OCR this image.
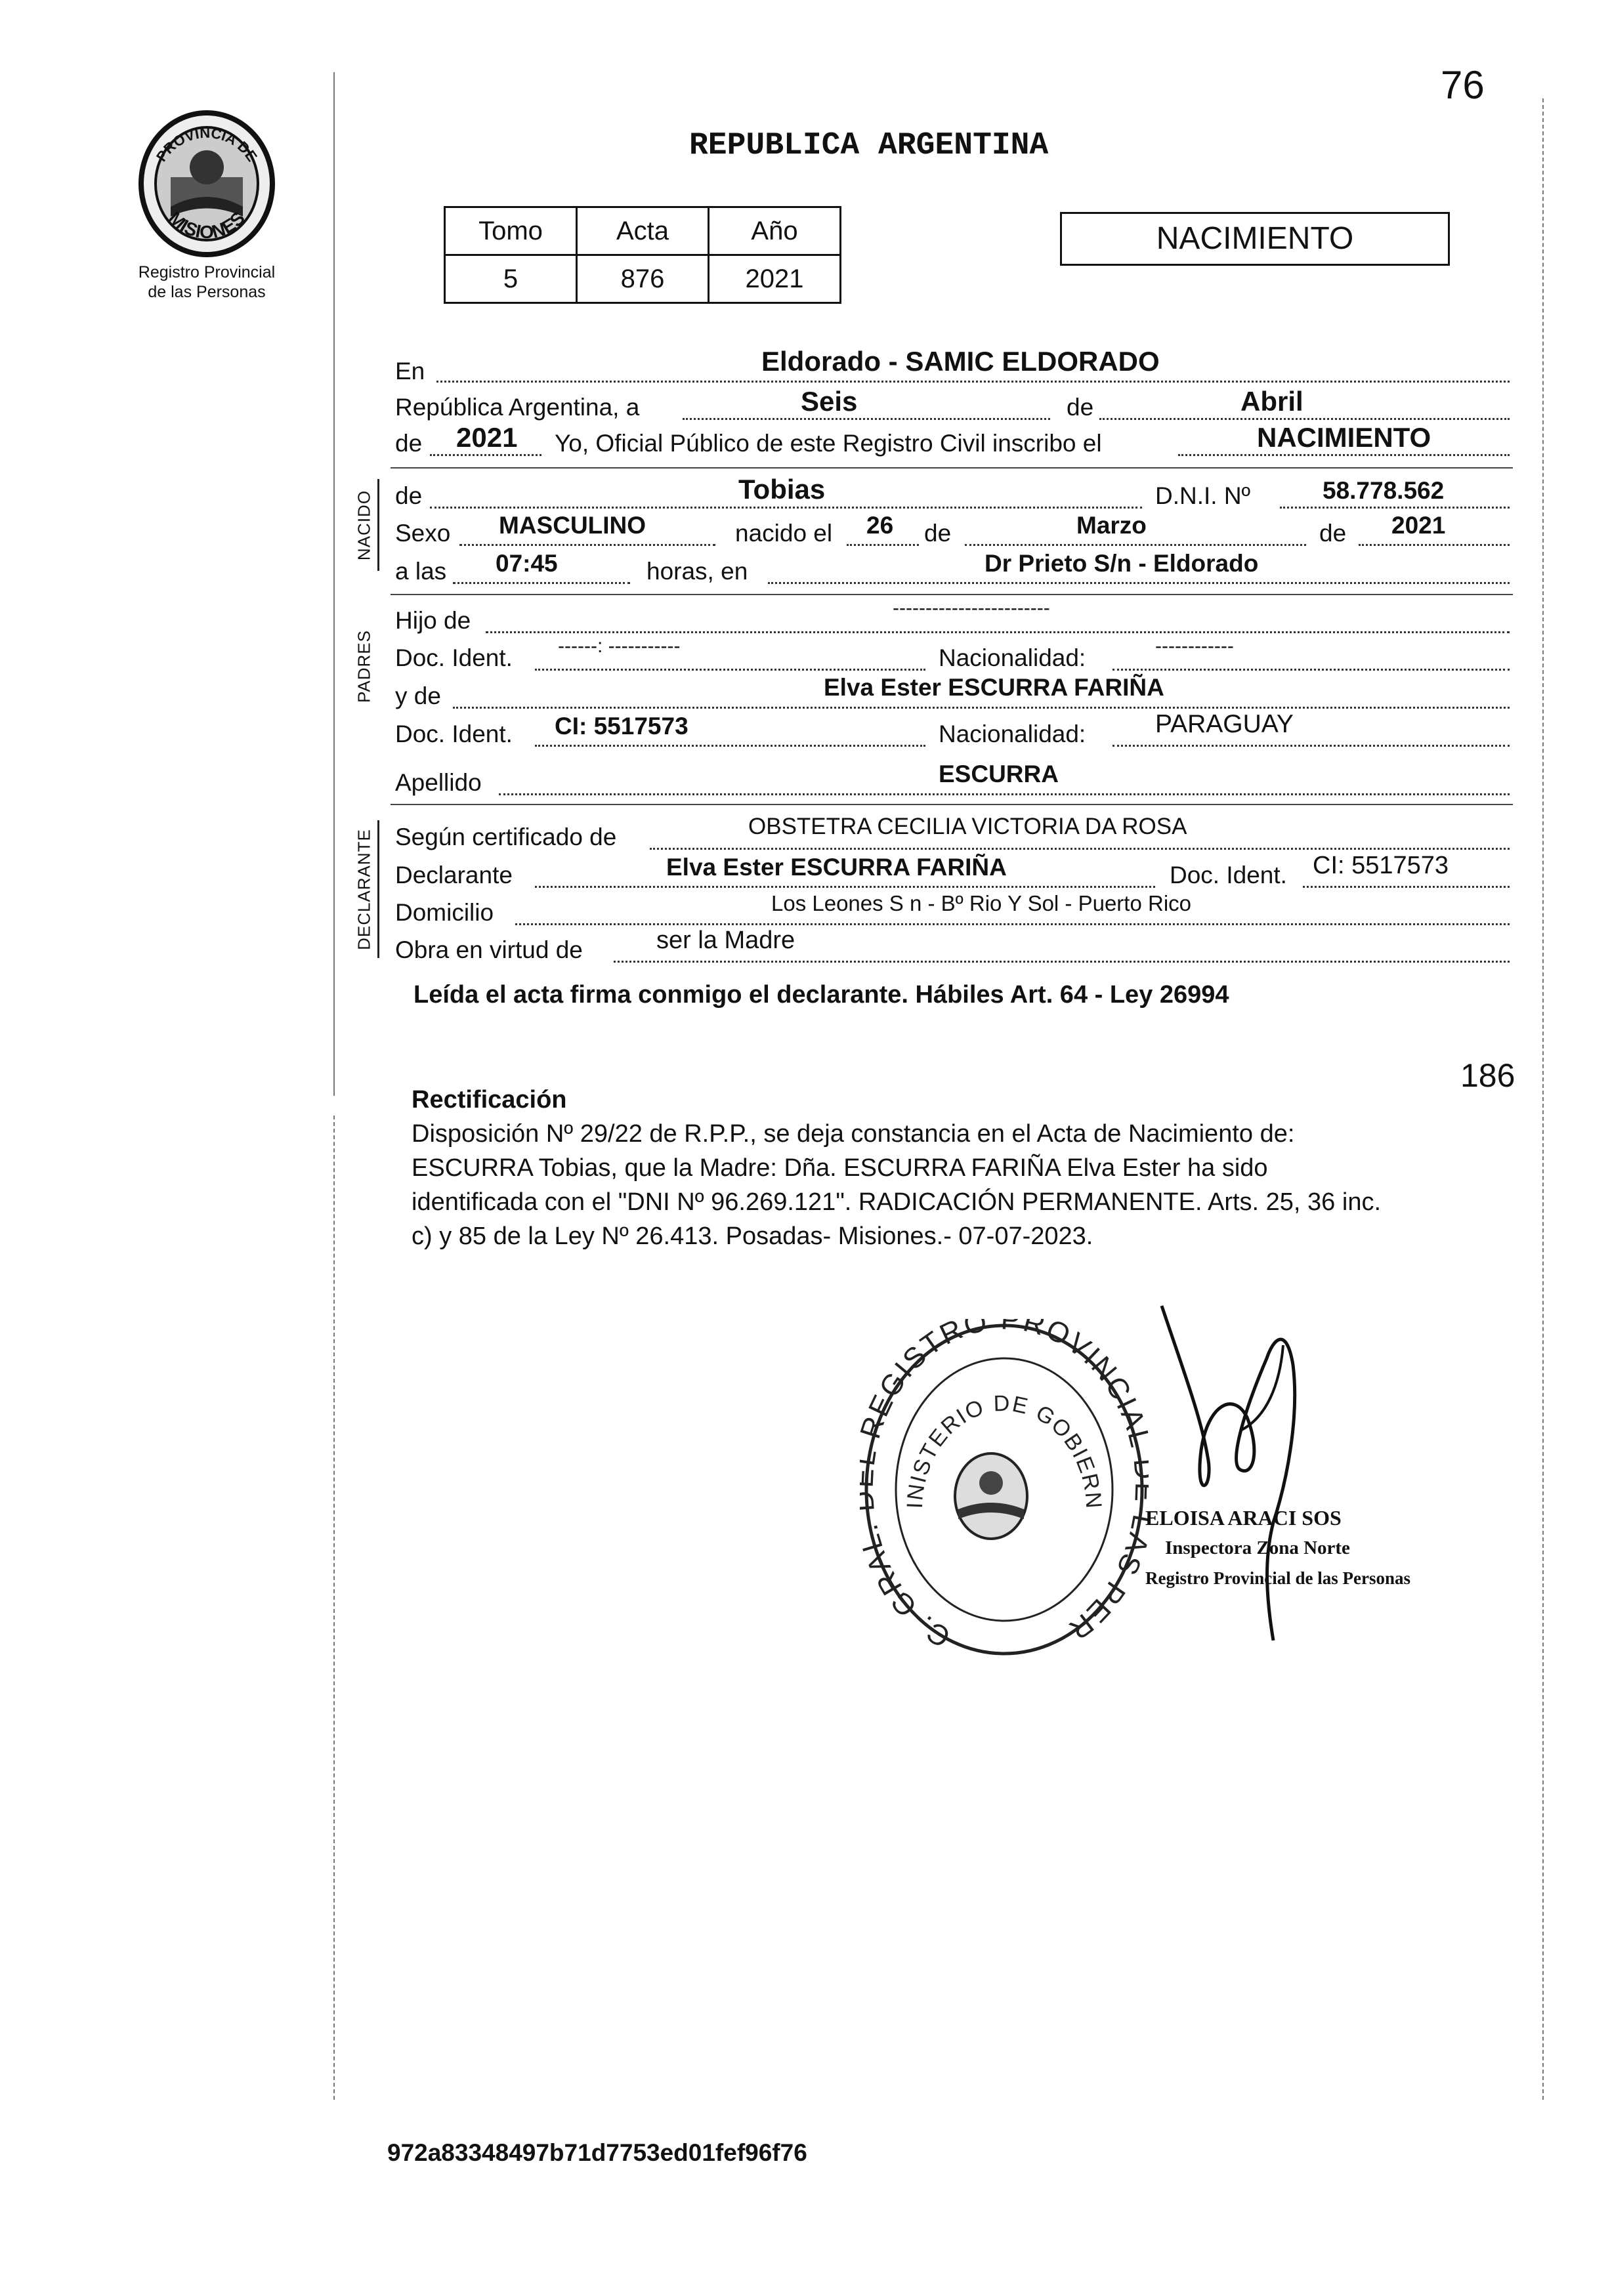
PROVINCIA DE
MISIONES
Registro Provincial
de las Personas
76
REPUBLICA ARGENTINA
Tomo	Acta	Año
5	876	2021
NACIMIENTO
En	Eldorado - SAMIC ELDORADO
República Argentina, a	Seis	de	Abril
de 2021 Yo, Oficial Público de este Registro Civil inscribo el	NACIMIENTO
NACIDO de	Tobias	D.N.I. Nº	58.778.562
Sexo MASCULINO	nacido el 26 de	Marzo	de 2021
a las 07:45	horas, en	Dr Prieto S/n - Eldorado
PADRES
Hijo de	------------------------
Doc. Ident. ------: -----------	Nacionalidad:	------------
y de	Elva Ester ESCURRA FARIÑA
Doc. Ident. CI: 5517573	Nacionalidad:	PARAGUAY
Apellido	ESCURRA
DECLARANTE Según certificado de	OBSTETRA CECILIA VICTORIA DA ROSA
Declarante	Elva Ester ESCURRA FARIÑA	Doc. Ident. CI: 5517573
Domicilio	Los Leones S n - Bº Rio Y Sol - Puerto Rico
Obra en virtud de	ser la Madre
Leída el acta firma conmigo el declarante. Hábiles Art. 64 - Ley 26994
186
Rectificación
Disposición Nº 29/22 de R.P.P., se deja constancia en el Acta de Nacimiento de:
ESCURRA Tobias, que la Madre: Dña. ESCURRA FARIÑA Elva Ester ha sido
identificada con el "DNI Nº 96.269.121". RADICACIÓN PERMANENTE. Arts. 25, 36 inc.
c) y 85 de la Ley Nº 26.413. Posadas- Misiones.- 07-07-2023.
C. GRA EGISTRO PROVINCIA S PER
INISTERIO DE GOBIERN
ELOISA ARACI SOS
Inspectora Zona Norte
Registro Provincial de las Personas
972a83348497b71d7753ed01fef96f76
